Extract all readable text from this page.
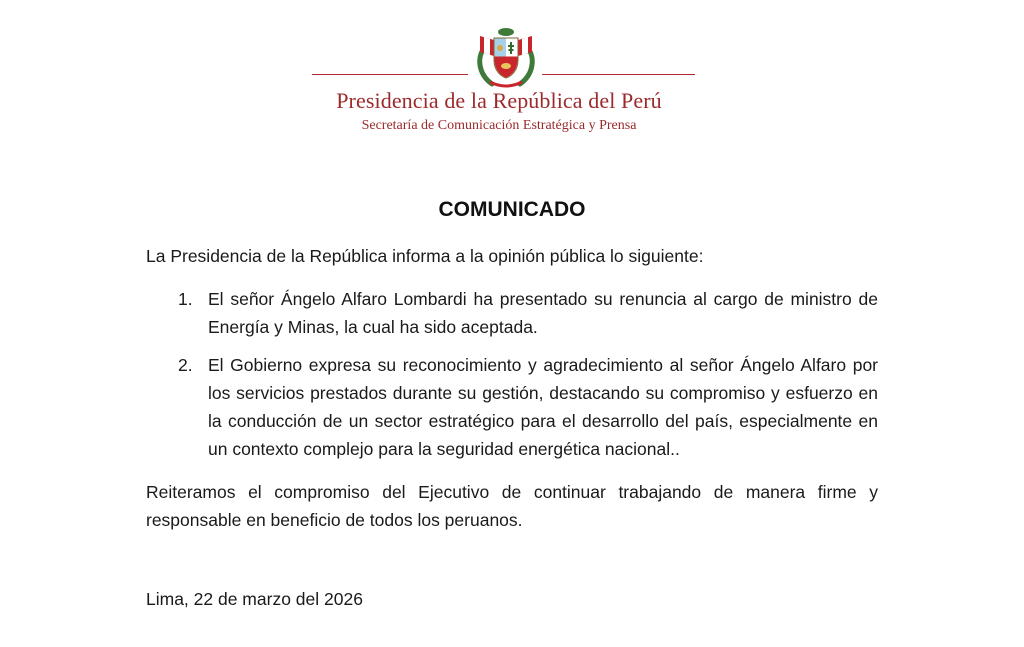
Presidencia de la República del Perú
Secretaría de Comunicación Estratégica y Prensa
COMUNICADO
La Presidencia de la República informa a la opinión pública lo siguiente:
1. El señor Ángelo Alfaro Lombardi ha presentado su renuncia al cargo de ministro de Energía y Minas, la cual ha sido aceptada.
2. El Gobierno expresa su reconocimiento y agradecimiento al señor Ángelo Alfaro por los servicios prestados durante su gestión, destacando su compromiso y esfuerzo en la conducción de un sector estratégico para el desarrollo del país, especialmente en un contexto complejo para la seguridad energética nacional..
Reiteramos el compromiso del Ejecutivo de continuar trabajando de manera firme y responsable en beneficio de todos los peruanos.
Lima, 22 de marzo del 2026
